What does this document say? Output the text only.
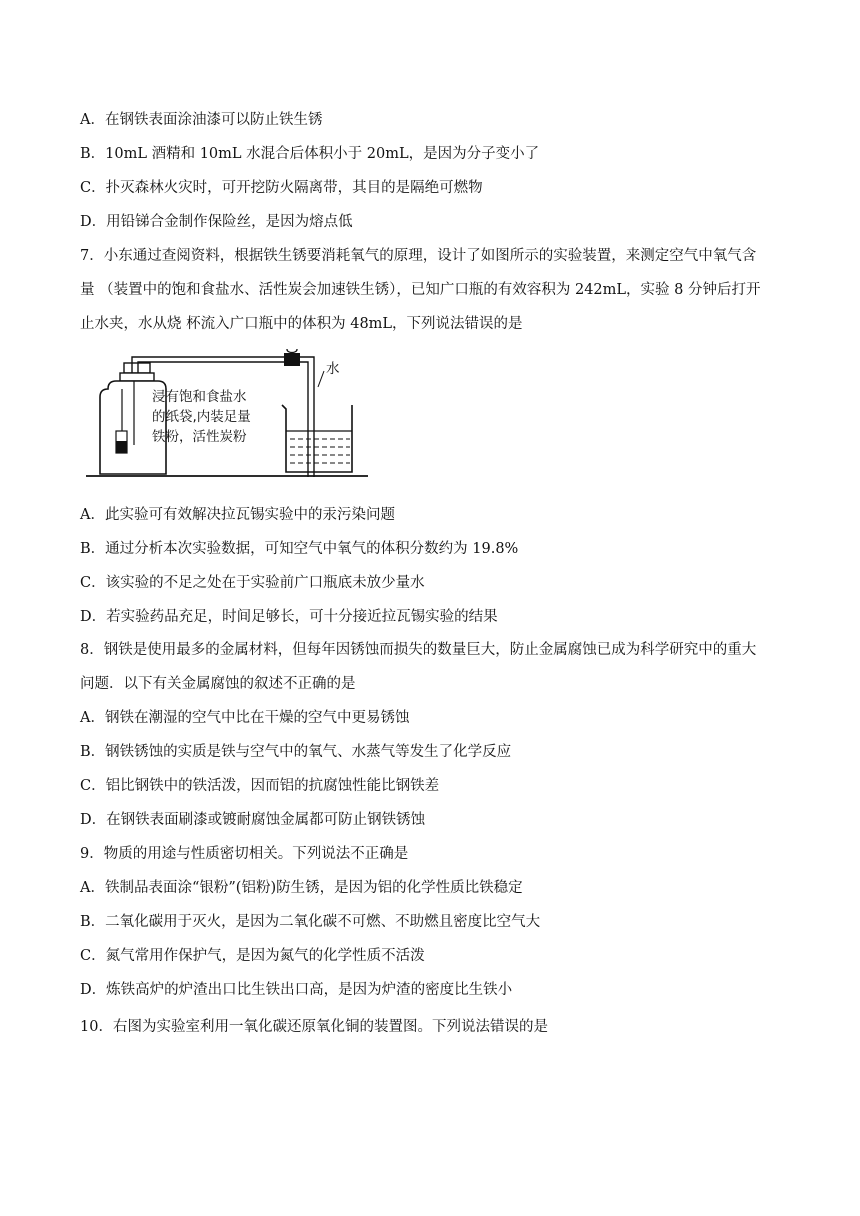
A．在钢铁表面涂油漆可以防止铁生锈
B．10mL 酒精和 10mL 水混合后体积小于 20mL，是因为分子变小了
C．扑灭森林火灾时，可开挖防火隔离带，其目的是隔绝可燃物
D．用铅锑合金制作保险丝，是因为熔点低
7．小东通过查阅资料，根据铁生锈要消耗氧气的原理，设计了如图所示的实验装置，来测定空气中氧气含
量 （装置中的饱和食盐水、活性炭会加速铁生锈），已知广口瓶的有效容积为 242mL，实验 8 分钟后打开
止水夹，水从烧 杯流入广口瓶中的体积为 48mL，下列说法错误的是
水
浸有饱和食盐水
的纸袋,内装足量
铁粉，活性炭粉
A．此实验可有效解决拉瓦锡实验中的汞污染问题
B．通过分析本次实验数据，可知空气中氧气的体积分数约为 19.8%
C．该实验的不足之处在于实验前广口瓶底未放少量水
D．若实验药品充足，时间足够长，可十分接近拉瓦锡实验的结果
8．钢铁是使用最多的金属材料，但每年因锈蚀而损失的数量巨大，防止金属腐蚀已成为科学研究中的重大
问题．以下有关金属腐蚀的叙述不正确的是
A．钢铁在潮湿的空气中比在干燥的空气中更易锈蚀
B．钢铁锈蚀的实质是铁与空气中的氧气、水蒸气等发生了化学反应
C．铝比钢铁中的铁活泼，因而铝的抗腐蚀性能比钢铁差
D．在钢铁表面刷漆或镀耐腐蚀金属都可防止钢铁锈蚀
9．物质的用途与性质密切相关。下列说法不正确是
A．铁制品表面涂“银粉”(铝粉)防生锈，是因为铝的化学性质比铁稳定
B．二氧化碳用于灭火，是因为二氧化碳不可燃、不助燃且密度比空气大
C．氮气常用作保护气，是因为氮气的化学性质不活泼
D．炼铁高炉的炉渣出口比生铁出口高，是因为炉渣的密度比生铁小
10．右图为实验室利用一氧化碳还原氧化铜的装置图。下列说法错误的是
